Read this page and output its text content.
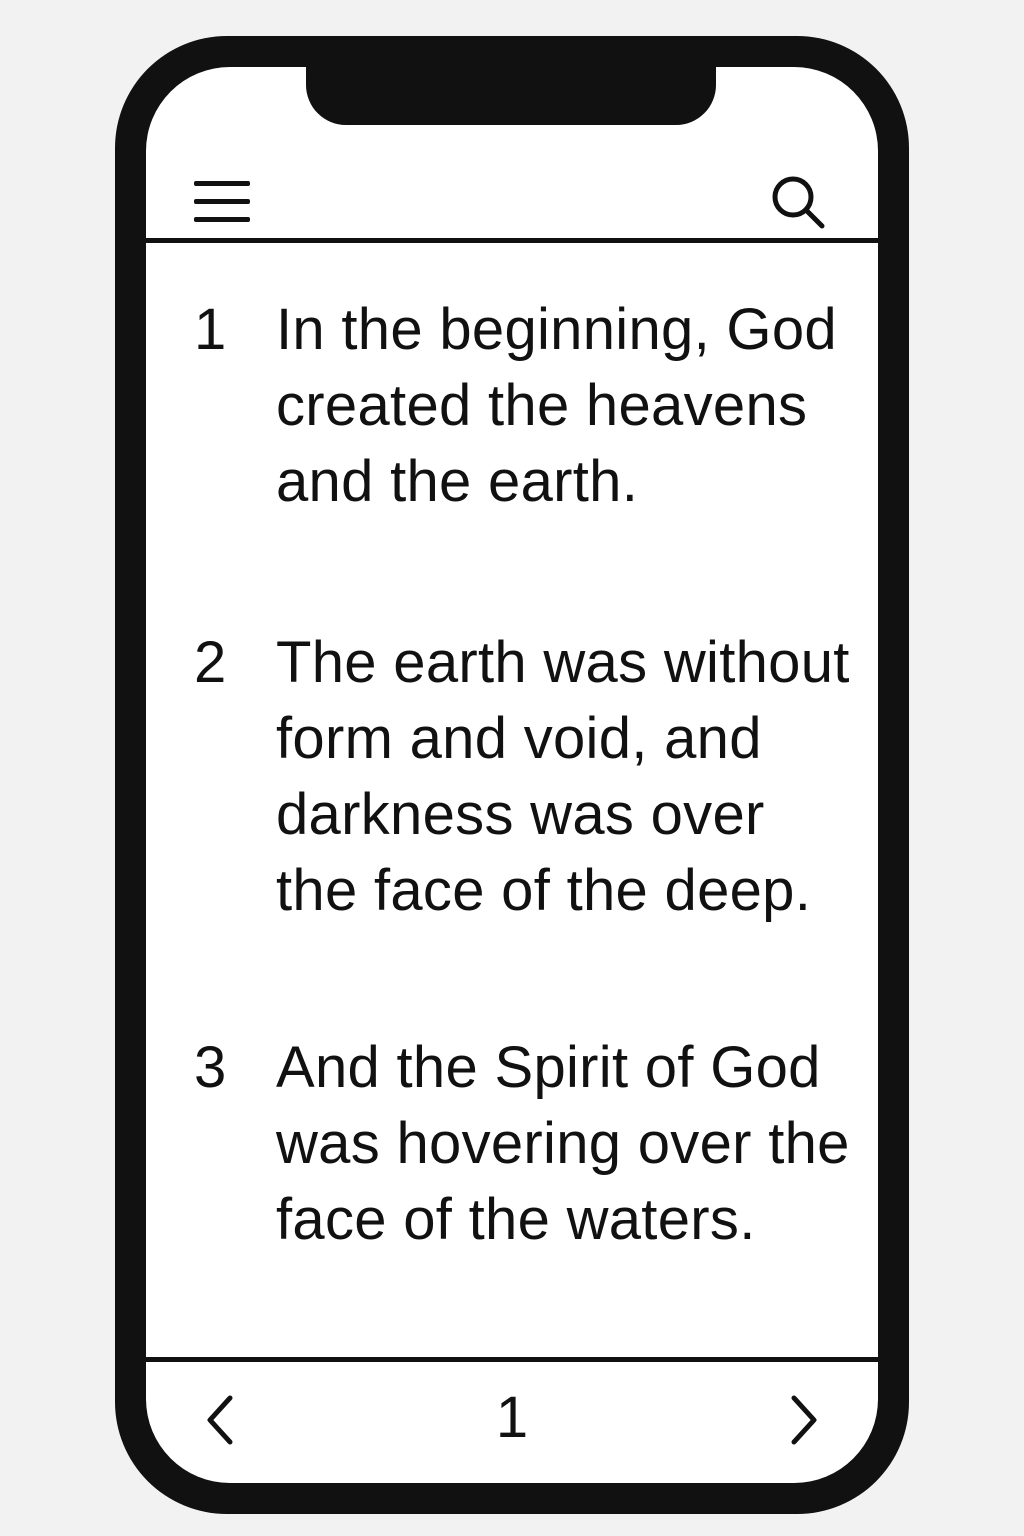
1 In the beginning, God created the heavens and the earth.
2 The earth was without form and void, and darkness was over the face of the deep.
3 And the Spirit of God was hovering over the face of the waters.
1
